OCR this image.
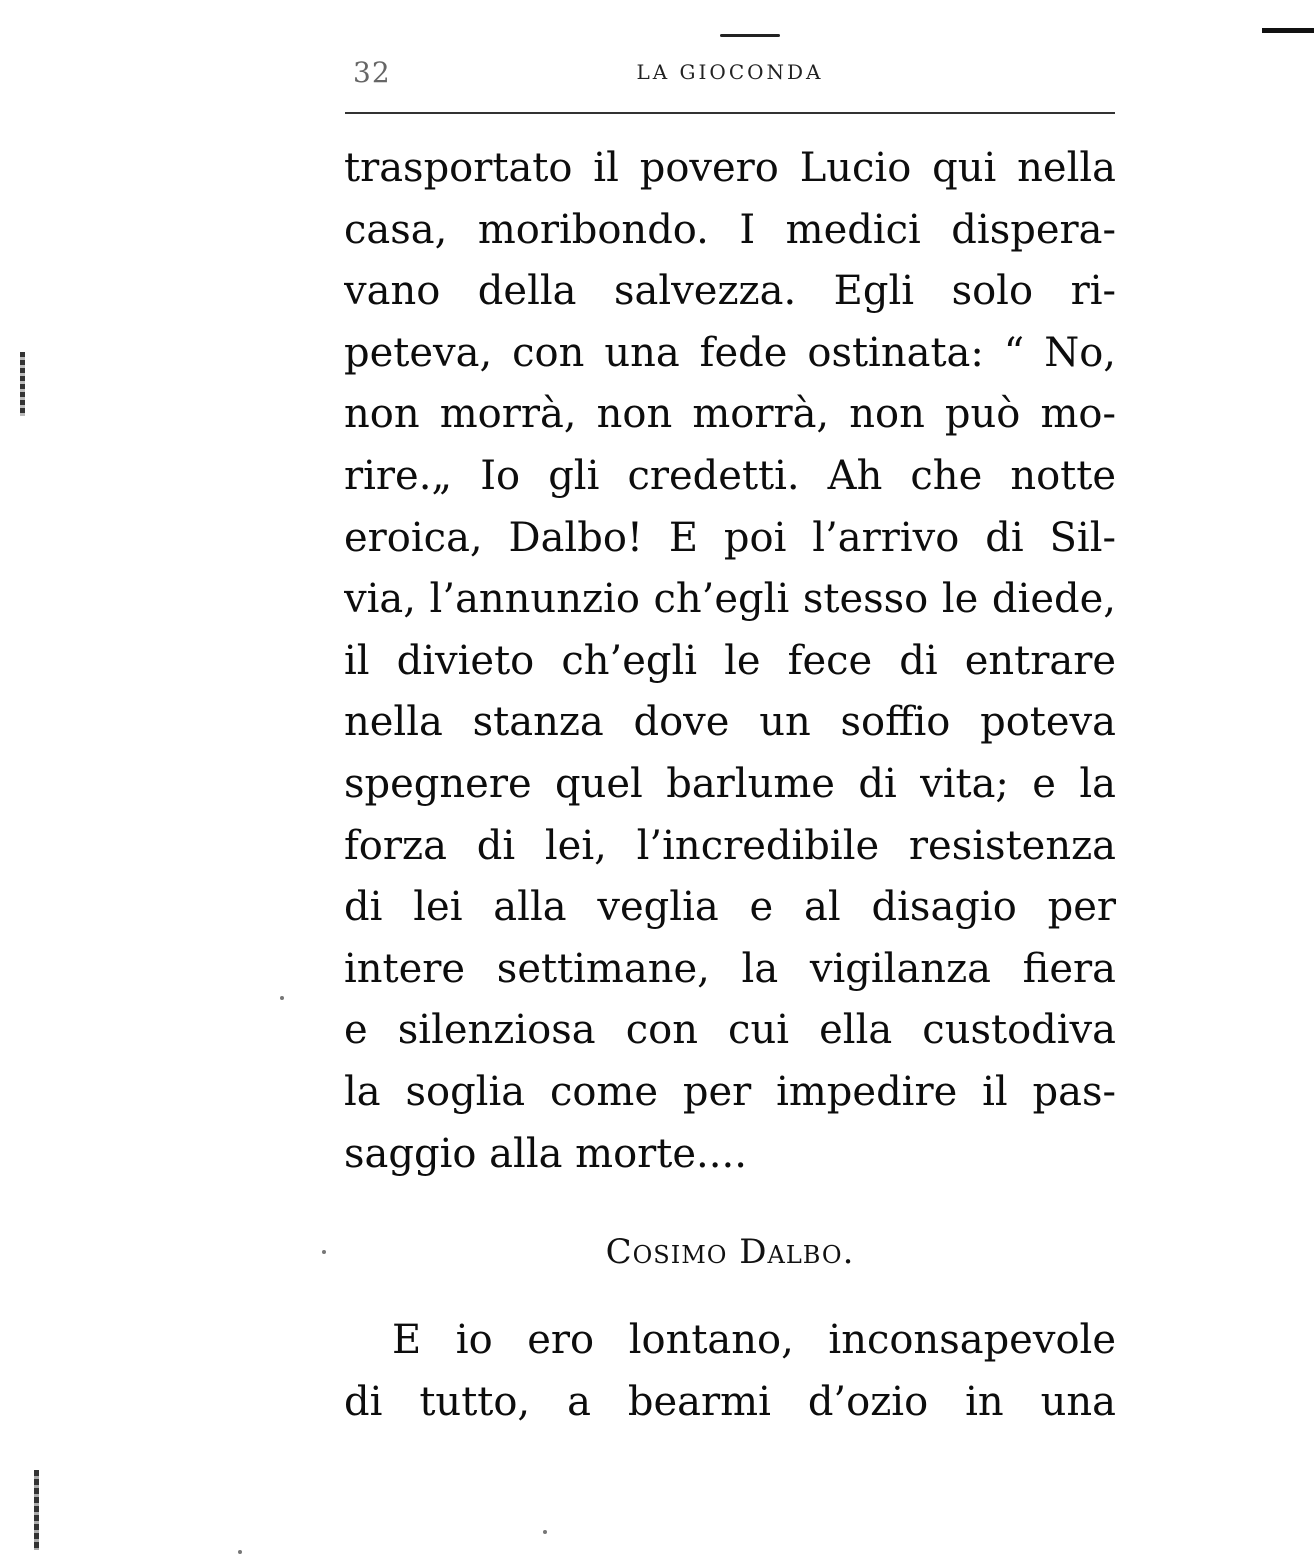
32	LA GIOCONDA
trasportato il povero Lucio qui nella
casa, moribondo. I medici dispera-
vano della salvezza. Egli solo ri-
peteva, con una fede ostinata: “ No,
non morrà, non morrà, non può mo-
rire.„ Io gli credetti. Ah che notte
eroica, Dalbo! E poi l’arrivo di Sil-
via, l’annunzio ch’egli stesso le diede,
il divieto ch’egli le fece di entrare
nella stanza dove un soffio poteva
spegnere quel barlume di vita; e la
forza di lei, l’incredibile resistenza
di lei alla veglia e al disagio per
intere settimane, la vigilanza fiera
e silenziosa con cui ella custodiva
la soglia come per impedire il pas-
saggio alla morte....
Cosimo Dalbo.
E io ero lontano, inconsapevole
di tutto, a bearmi d’ozio in una
